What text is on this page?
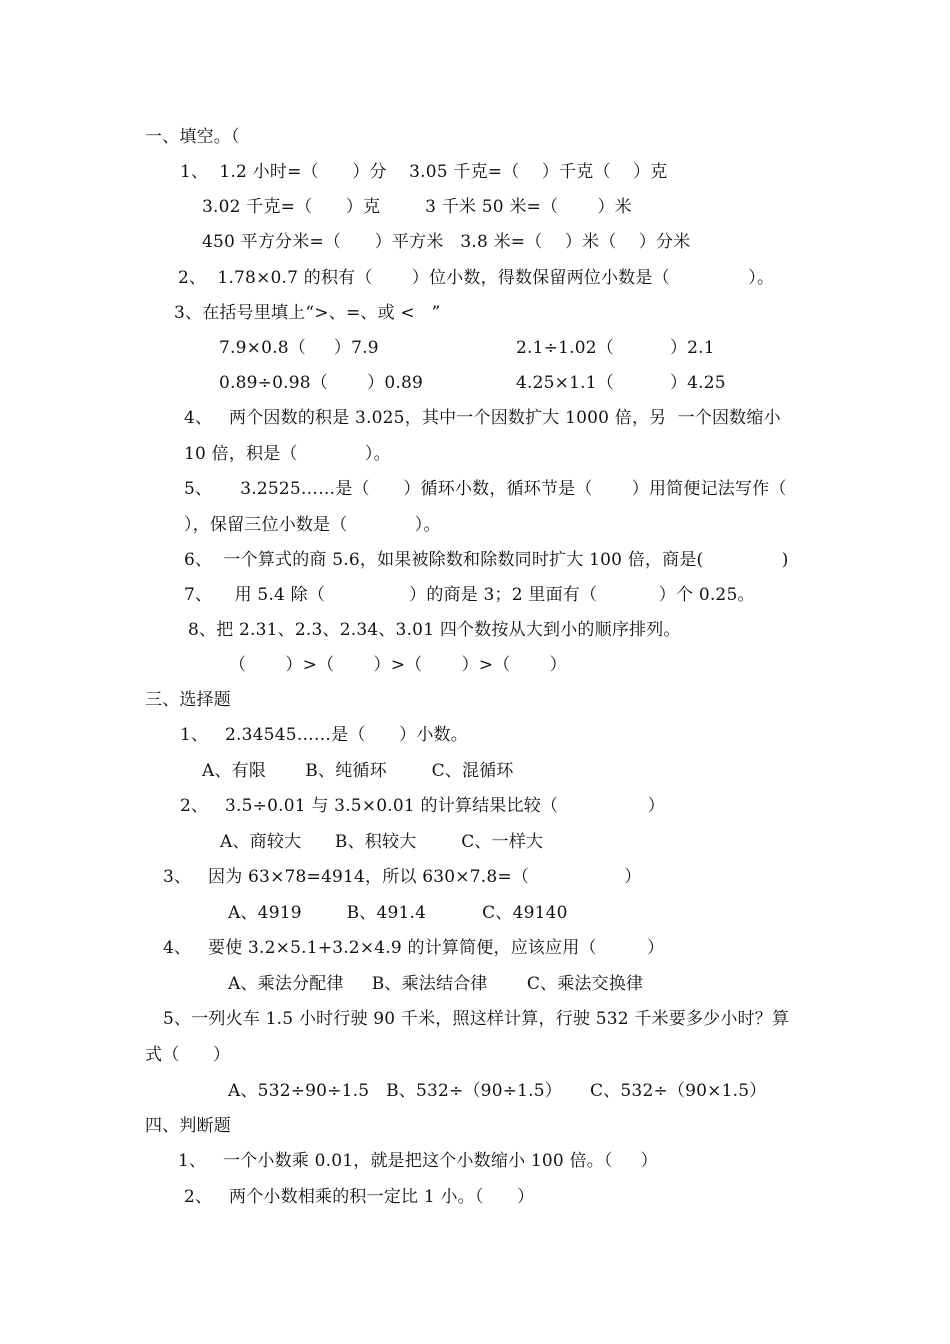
一、填空。（

1、  1.2 小时=（      ）分    3.05 千克=（    ）千克（    ）克

3.02 千克=（      ）克        3 千米 50 米=（       ）米

450 平方分米=（      ）平方米   3.8 米=（    ）米（    ）分米

2、  1.78×0.7 的积有（       ）位小数，得数保留两位小数是（              ）。

3、在括号里填上“>、=、或 <   ”

7.9×0.8（     ）7.9	2.1÷1.02（          ）2.1

0.89÷0.98（       ）0.89	4.25×1.1（          ）4.25

4、   两个因数的积是 3.025，其中一个因数扩大 1000 倍，另  一个因数缩小

10 倍，积是（            ）。

5、     3.2525……是（      ）循环小数，循环节是（       ）用简便记法写作（

），保留三位小数是（            ）。

6、  一个算式的商 5.6，如果被除数和除数同时扩大 100 倍，商是(              )

7、    用 5.4 除（               ）的商是 3；2 里面有（           ）个 0.25。

8、把 2.31、2.3、2.34、3.01 四个数按从大到小的顺序排列。

（       ）>（       ）>（       ）>（       ）

三、选择题

1、   2.34545……是（      ）小数。

A、有限       B、纯循环        C、混循环

2、   3.5÷0.01 与 3.5×0.01 的计算结果比较（                ）

A、商较大      B、积较大        C、一样大

3、   因为 63×78=4914，所以 630×7.8=（                 ）

A、4919        B、491.4          C、49140

4、   要使 3.2×5.1+3.2×4.9 的计算简便，应该应用（         ）

A、乘法分配律     B、乘法结合律       C、乘法交换律

5、一列火车 1.5 小时行驶 90 千米，照这样计算，行驶 532 千米要多少小时？算

式（      ）

A、532÷90÷1.5   B、532÷（90÷1.5）     C、532÷（90×1.5）

四、判断题

1、   一个小数乘 0.01，就是把这个小数缩小 100 倍。（     ）

2、   两个小数相乘的积一定比 1 小。（      ）
